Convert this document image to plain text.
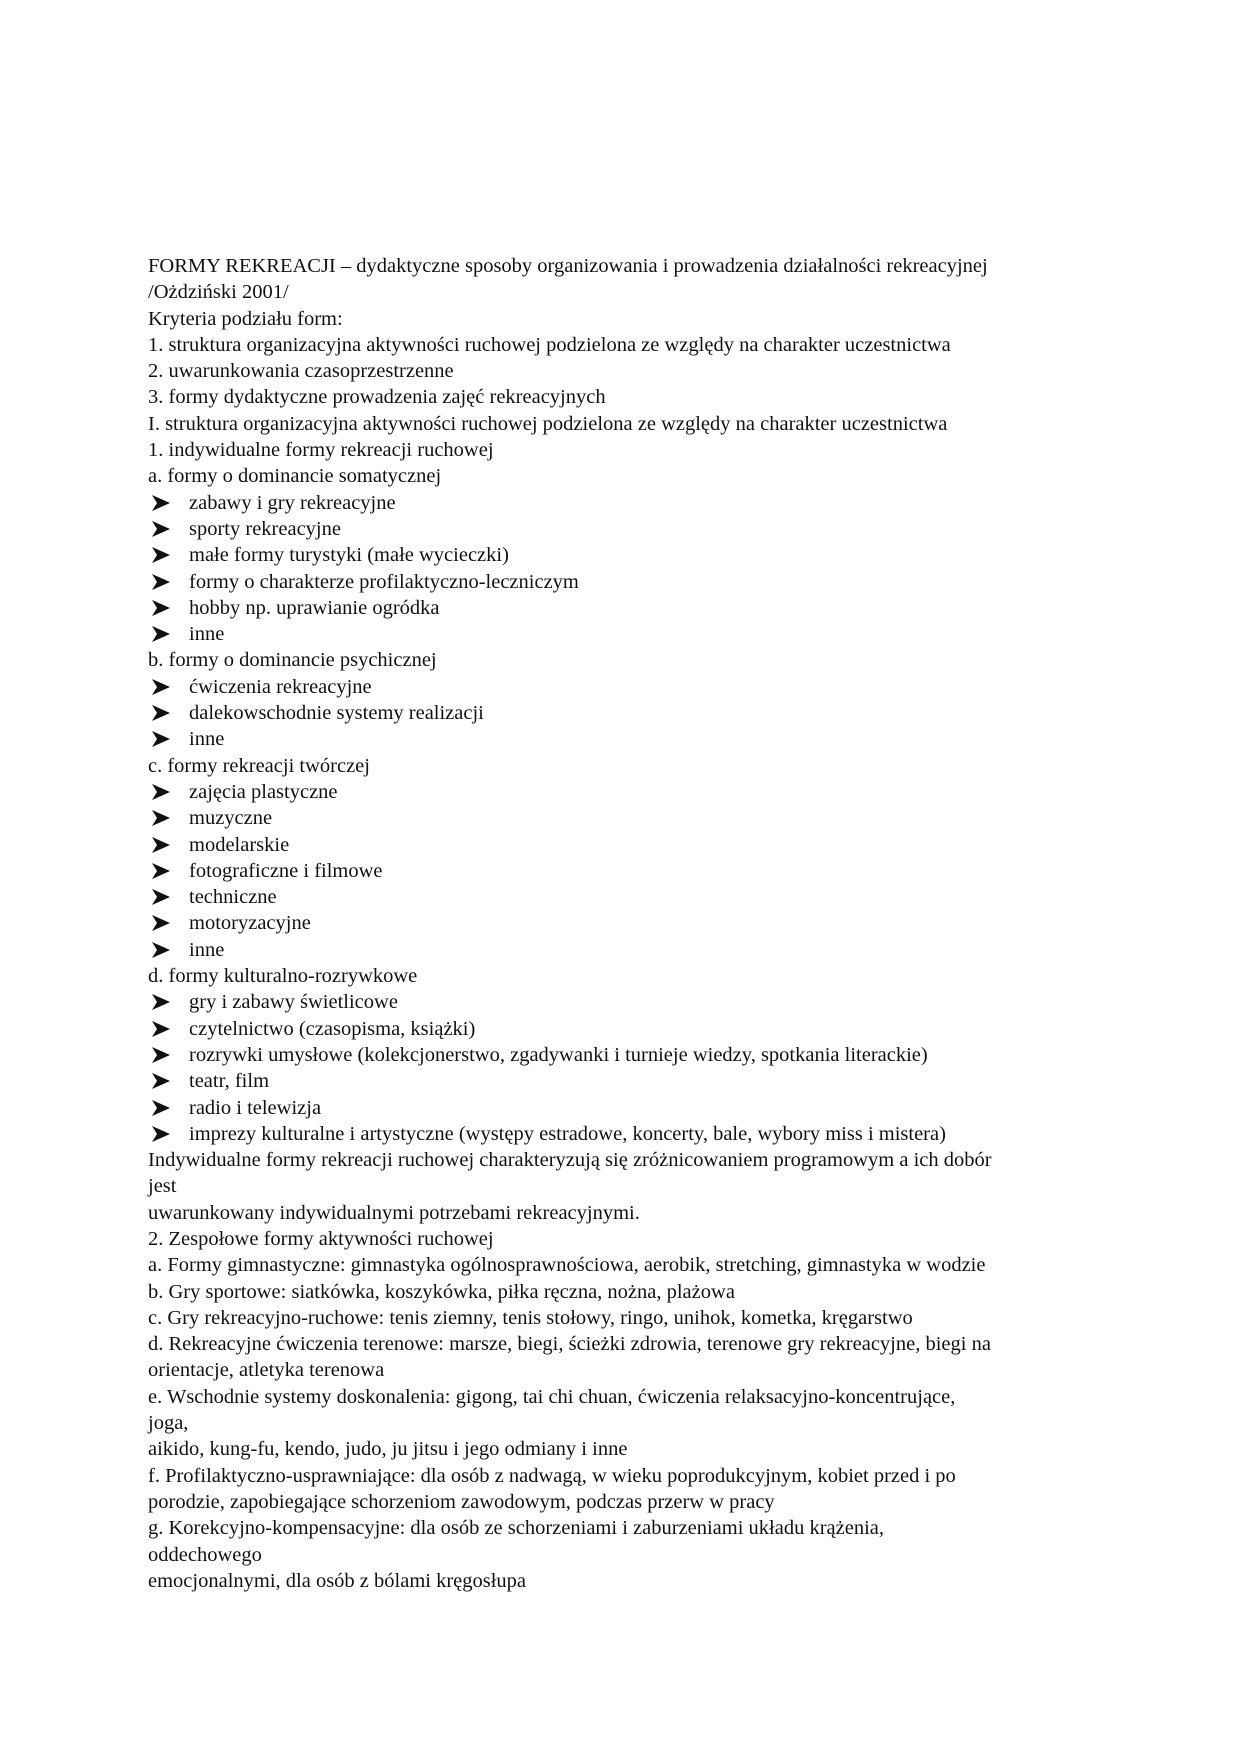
FORMY REKREACJI – dydaktyczne sposoby organizowania i prowadzenia działalności rekreacyjnej
/Ożdziński 2001/
Kryteria podziału form:
1. struktura organizacyjna aktywności ruchowej podzielona ze względy na charakter uczestnictwa
2. uwarunkowania czasoprzestrzenne
3. formy dydaktyczne prowadzenia zajęć rekreacyjnych
I. struktura organizacyjna aktywności ruchowej podzielona ze względy na charakter uczestnictwa
1. indywidualne formy rekreacji ruchowej
a. formy o dominancie somatycznej
zabawy i gry rekreacyjne
sporty rekreacyjne
małe formy turystyki (małe wycieczki)
formy o charakterze profilaktyczno-leczniczym
hobby np. uprawianie ogródka
inne
b. formy o dominancie psychicznej
ćwiczenia rekreacyjne
dalekowschodnie systemy realizacji
inne
c. formy rekreacji twórczej
zajęcia plastyczne
muzyczne
modelarskie
fotograficzne i filmowe
techniczne
motoryzacyjne
inne
d. formy kulturalno-rozrywkowe
gry i zabawy świetlicowe
czytelnictwo (czasopisma, książki)
rozrywki umysłowe (kolekcjonerstwo, zgadywanki i turnieje wiedzy, spotkania literackie)
teatr, film
radio i telewizja
imprezy kulturalne i artystyczne (występy estradowe, koncerty, bale, wybory miss i mistera)
Indywidualne formy rekreacji ruchowej charakteryzują się zróżnicowaniem programowym a ich dobór
jest
uwarunkowany indywidualnymi potrzebami rekreacyjnymi.
2. Zespołowe formy aktywności ruchowej
a. Formy gimnastyczne: gimnastyka ogólnosprawnościowa, aerobik, stretching, gimnastyka w wodzie
b. Gry sportowe: siatkówka, koszykówka, piłka ręczna, nożna, plażowa
c. Gry rekreacyjno-ruchowe: tenis ziemny, tenis stołowy, ringo, unihok, kometka, kręgarstwo
d. Rekreacyjne ćwiczenia terenowe: marsze, biegi, ścieżki zdrowia, terenowe gry rekreacyjne, biegi na
orientacje, atletyka terenowa
e. Wschodnie systemy doskonalenia: gigong, tai chi chuan, ćwiczenia relaksacyjno-koncentrujące,
joga,
aikido, kung-fu, kendo, judo, ju jitsu i jego odmiany i inne
f. Profilaktyczno-usprawniające: dla osób z nadwagą, w wieku poprodukcyjnym, kobiet przed i po
porodzie, zapobiegające schorzeniom zawodowym, podczas przerw w pracy
g. Korekcyjno-kompensacyjne: dla osób ze schorzeniami i zaburzeniami układu krążenia,
oddechowego
emocjonalnymi, dla osób z bólami kręgosłupa
